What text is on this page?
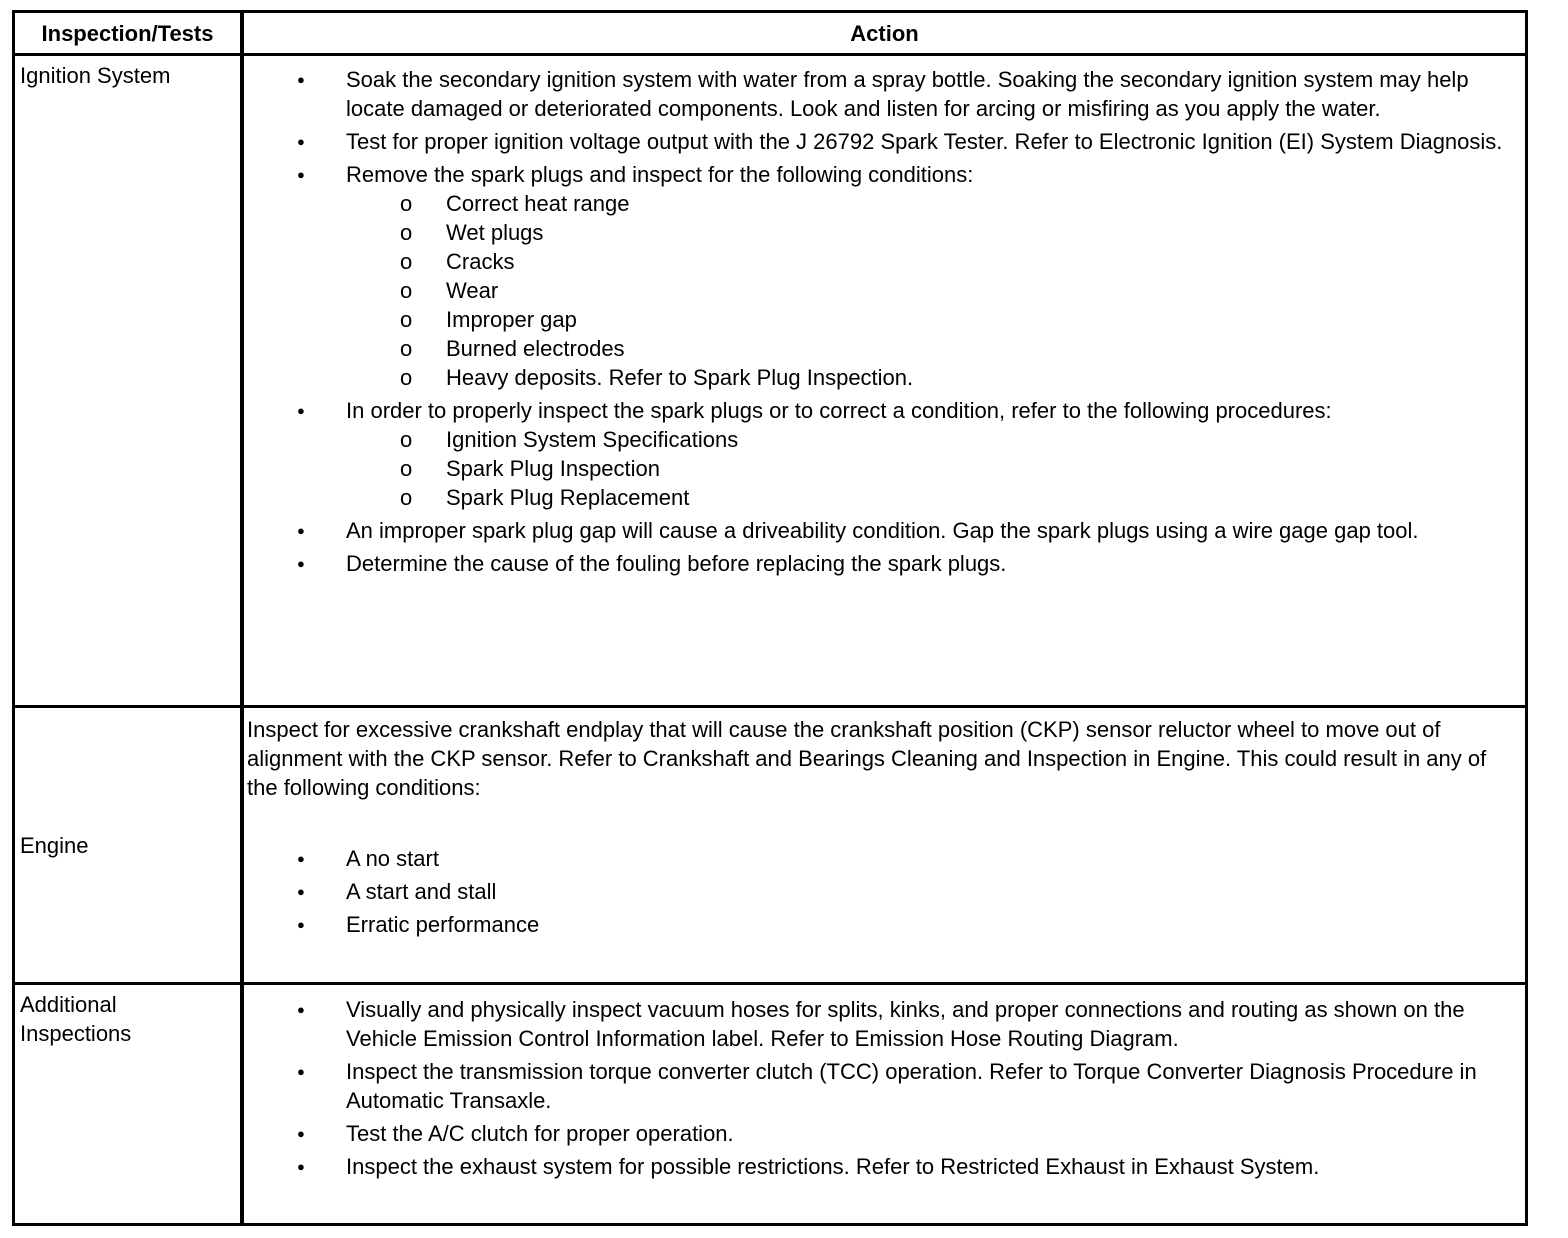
Inspection/Tests	Action
Ignition System	● Soak the secondary ignition system with water from a spray bottle. Soaking the secondary ignition system may help locate damaged or deteriorated components. Look and listen for arcing or misfiring as you apply the water.
● Test for proper ignition voltage output with the J 26792 Spark Tester. Refer to Electronic Ignition (EI) System Diagnosis.
● Remove the spark plugs and inspect for the following conditions:
o Correct heat range
o Wet plugs
o Cracks
o Wear
o Improper gap
o Burned electrodes
o Heavy deposits. Refer to Spark Plug Inspection.
● In order to properly inspect the spark plugs or to correct a condition, refer to the following procedures:
o Ignition System Specifications
o Spark Plug Inspection
o Spark Plug Replacement
● An improper spark plug gap will cause a driveability condition. Gap the spark plugs using a wire gage gap tool.
● Determine the cause of the fouling before replacing the spark plugs.
Engine
Inspect for excessive crankshaft endplay that will cause the crankshaft position (CKP) sensor reluctor wheel to move out of alignment with the CKP sensor. Refer to Crankshaft and Bearings Cleaning and Inspection in Engine. This could result in any of the following conditions:
● A no start
● A start and stall
● Erratic performance
Additional Inspections
● Visually and physically inspect vacuum hoses for splits, kinks, and proper connections and routing as shown on the Vehicle Emission Control Information label. Refer to Emission Hose Routing Diagram.
● Inspect the transmission torque converter clutch (TCC) operation. Refer to Torque Converter Diagnosis Procedure in Automatic Transaxle.
● Test the A/C clutch for proper operation.
● Inspect the exhaust system for possible restrictions. Refer to Restricted Exhaust in Exhaust System.
